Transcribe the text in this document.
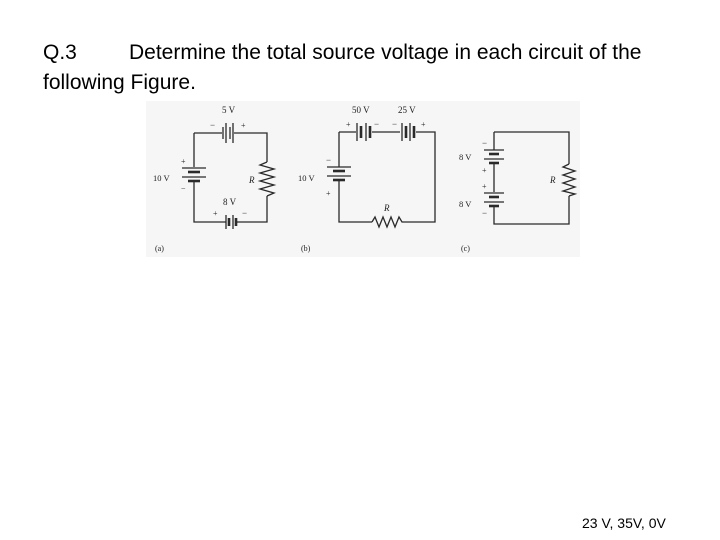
Q.3 Determine the total source voltage in each circuit of the following Figure.

5 V
−	+
10 V
+
−
R
8 V
+	−
(a)
50 V
+	−
25 V
−	+
10 V
−
+
R
(b)
8 V
−
+
8 V
+
−
R
(c)
23 V, 35V, 0V
